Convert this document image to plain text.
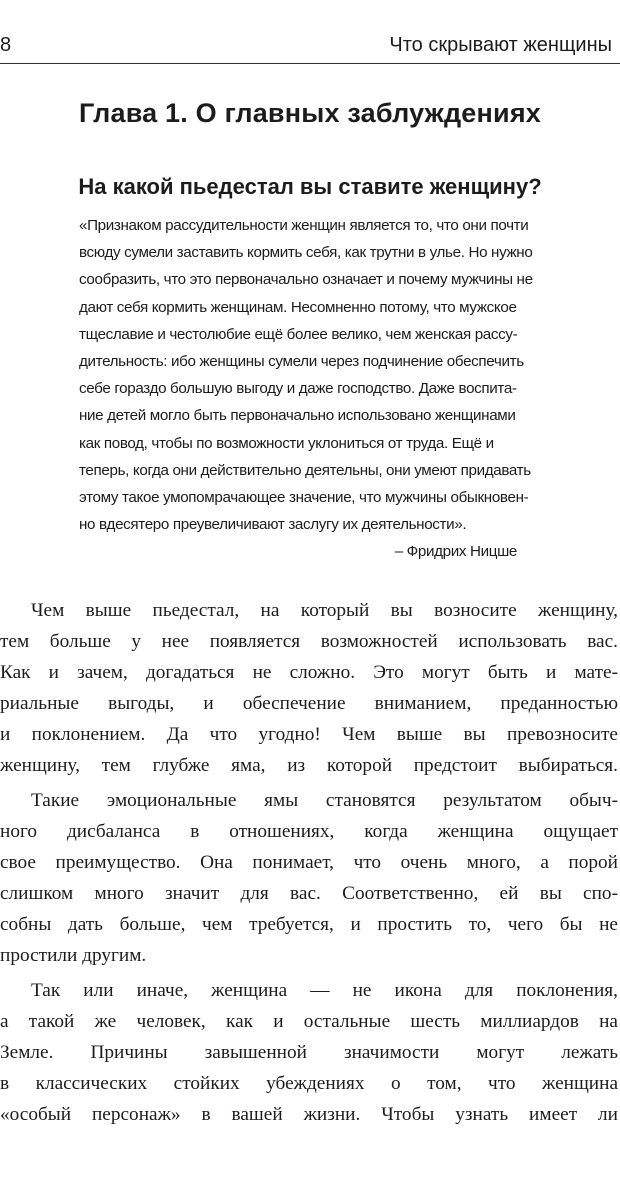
8	Что скрывают женщины
Глава 1. О главных заблуждениях
На какой пьедестал вы ставите женщину?
«Признаком рассудительности женщин является то, что они почти
всюду сумели заставить кормить себя, как трутни в улье. Но нужно
сообразить, что это первоначально означает и почему мужчины не
дают себя кормить женщинам. Несомненно потому, что мужское
тщеславие и честолюбие ещё более велико, чем женская рассу-
дительность: ибо женщины сумели через подчинение обеспечить
себе гораздо большую выгоду и даже господство. Даже воспита-
ние детей могло быть первоначально использовано женщинами
как повод, чтобы по возможности уклониться от труда. Ещё и
теперь, когда они действительно деятельны, они умеют придавать
этому такое умопомрачающее значение, что мужчины обыкновен-
но вдесятеро преувеличивают заслугу их деятельности».
– Фридрих Ницше
Чем выше пьедестал, на который вы возносите женщину,
тем больше у нее появляется возможностей использовать вас.
Как и зачем, догадаться не сложно. Это могут быть и мате-
риальные выгоды, и обеспечение вниманием, преданностью
и поклонением. Да что угодно! Чем выше вы превозносите
женщину, тем глубже яма, из которой предстоит выбираться.
Такие эмоциональные ямы становятся результатом обыч-
ного дисбаланса в отношениях, когда женщина ощущает
свое преимущество. Она понимает, что очень много, а порой
слишком много значит для вас. Соответственно, ей вы спо-
собны дать больше, чем требуется, и простить то, чего бы не
простили другим.
Так или иначе, женщина — не икона для поклонения,
а такой же человек, как и остальные шесть миллиардов на
Земле. Причины завышенной значимости могут лежать
в классических стойких убеждениях о том, что женщина
«особый персонаж» в вашей жизни. Чтобы узнать имеет ли
